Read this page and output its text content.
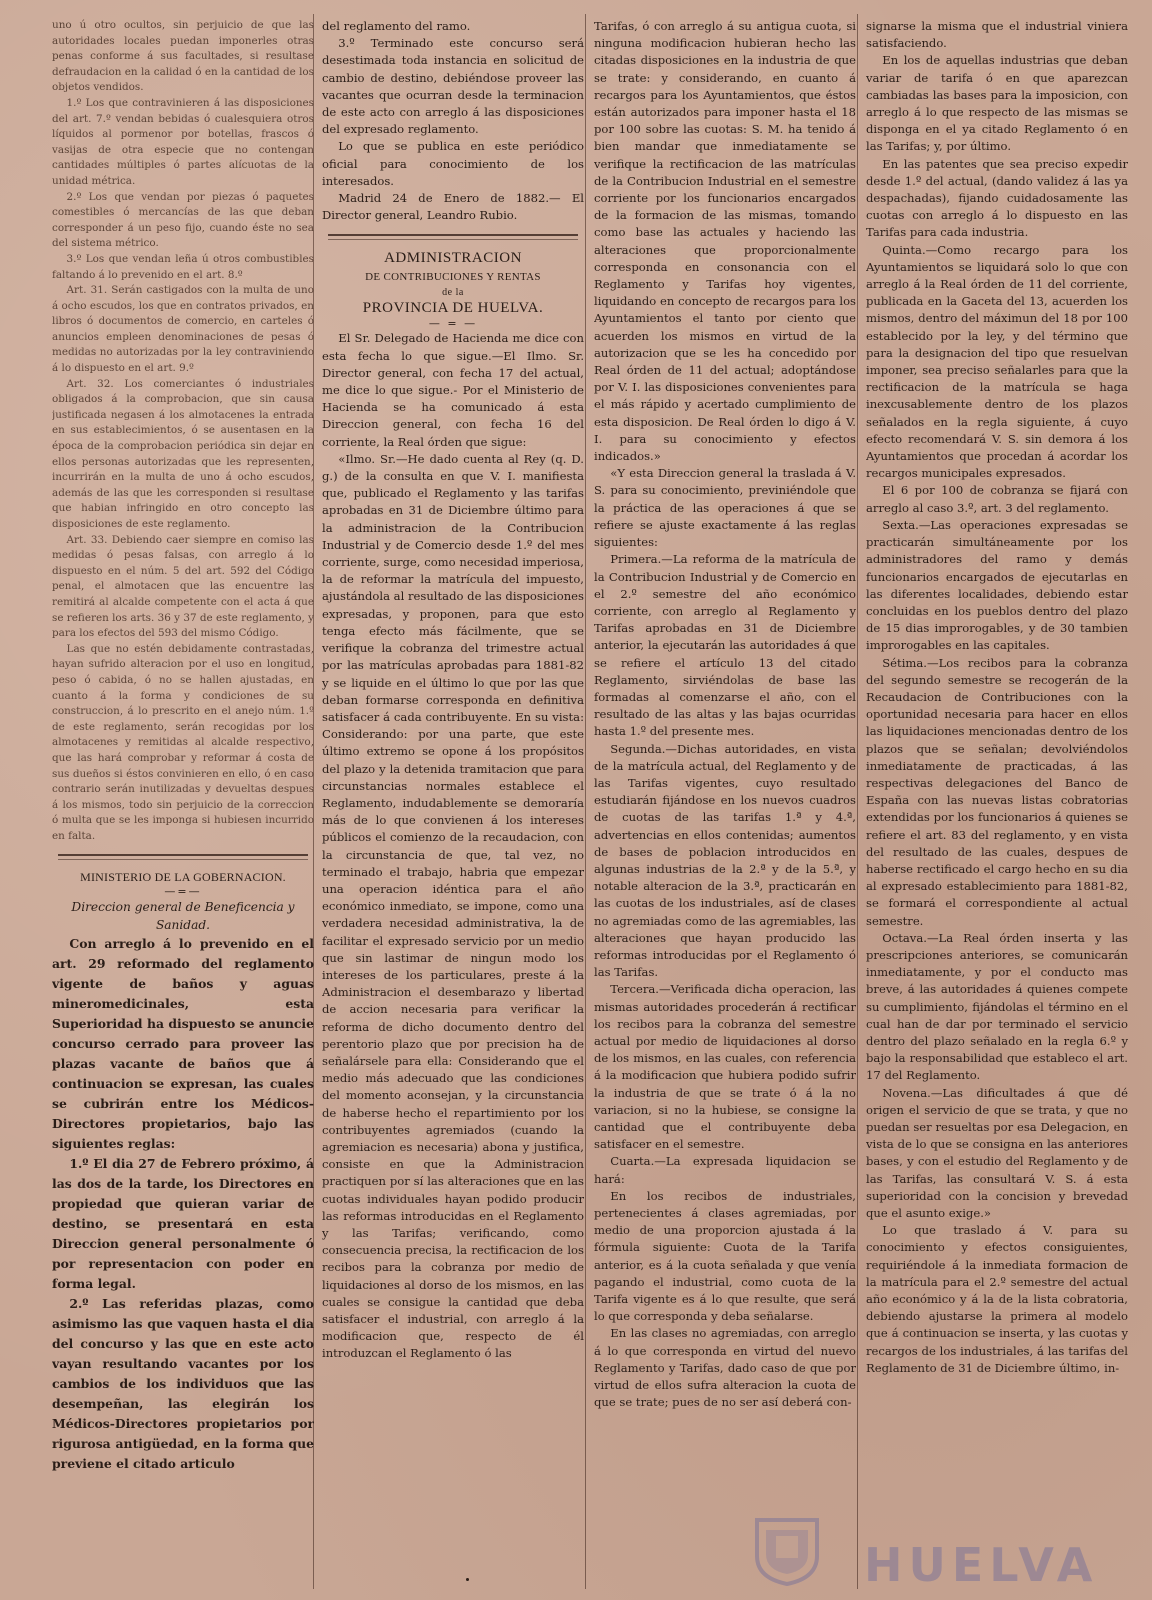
uno ú otro ocultos, sin perjuicio de que las autoridades locales puedan imponerles otras penas conforme á sus facultades, si resultase defraudacion en la calidad ó en la cantidad de los objetos vendidos.

1.º Los que contravinieren á las disposiciones del art. 7.º vendan bebidas ó cualesquiera otros líquidos al pormenor por botellas, frascos ó vasijas de otra especie que no contengan cantidades múltiples ó partes alícuotas de la unidad métrica.

2.º Los que vendan por piezas ó paquetes comestibles ó mercancías de las que deban corresponder á un peso fijo, cuando éste no sea del sistema métrico.

3.º Los que vendan leña ú otros combustibles faltando á lo prevenido en el art. 8.º

Art. 31. Serán castigados con la multa de uno á ocho escudos, los que en contratos privados, en libros ó documentos de comercio, en carteles ó anuncios empleen denominaciones de pesas ó medidas no autorizadas por la ley contraviniendo á lo dispuesto en el art. 9.º

Art. 32. Los comerciantes ó industriales obligados á la comprobacion, que sin causa justificada negasen á los almotacenes la entrada en sus establecimientos, ó se ausentasen en la época de la comprobacion periódica sin dejar en ellos personas autorizadas que les representen, incurrirán en la multa de uno á ocho escudos, además de las que les corresponden si resultase que habian infringido en otro concepto las disposiciones de este reglamento.

Art. 33. Debiendo caer siempre en comiso las medidas ó pesas falsas, con arreglo á lo dispuesto en el núm. 5 del art. 592 del Código penal, el almotacen que las encuentre las remitirá al alcalde competente con el acta á que se refieren los arts. 36 y 37 de este reglamento, y para los efectos del 593 del mismo Código.

Las que no estén debidamente contrastadas, hayan sufrido alteracion por el uso en longitud, peso ó cabida, ó no se hallen ajustadas, en cuanto á la forma y condiciones de su construccion, á lo prescrito en el anejo núm. 1.º de este reglamento, serán recogidas por los almotacenes y remitidas al alcalde respectivo, que las hará comprobar y reformar á costa de sus dueños si éstos convinieren en ello, ó en caso contrario serán inutilizadas y devueltas despues á los mismos, todo sin perjuicio de la correccion ó multa que se les imponga si hubiesen incurrido en falta.

MINISTERIO DE LA GOBERNACION.

—=—

Direccion general de Beneficencia y Sanidad.

Con arreglo á lo prevenido en el art. 29 reformado del reglamento vigente de baños y aguas mineromedicinales, esta Superioridad ha dispuesto se anuncie concurso cerrado para proveer las plazas vacante de baños que á continuacion se expresan, las cuales se cubrirán entre los Médicos-Directores propietarios, bajo las siguientes reglas:

1.º El dia 27 de Febrero próximo, á las dos de la tarde, los Directores en propiedad que quieran variar de destino, se presentará en esta Direccion general personalmente ó por representacion con poder en forma legal.

2.º Las referidas plazas, como asimismo las que vaquen hasta el dia del concurso y las que en este acto vayan resultando vacantes por los cambios de los individuos que las desempeñan, las elegirán los Médicos-Directores propietarios por rigurosa antigüedad, en la forma que previene el citado articulo

del reglamento del ramo.

3.º Terminado este concurso será desestimada toda instancia en solicitud de cambio de destino, debiéndose proveer las vacantes que ocurran desde la terminacion de este acto con arreglo á las disposiciones del expresado reglamento.

Lo que se publica en este periódico oficial para conocimiento de los interesados.

Madrid 24 de Enero de 1882.— El Director general, Leandro Rubio.

ADMINISTRACION

DE CONTRIBUCIONES Y RENTAS

de la

PROVINCIA DE HUELVA.

— = —

El Sr. Delegado de Hacienda me dice con esta fecha lo que sigue.—El Ilmo. Sr. Director general, con fecha 17 del actual, me dice lo que sigue.- Por el Ministerio de Hacienda se ha comunicado á esta Direccion general, con fecha 16 del corriente, la Real órden que sigue:

«Ilmo. Sr.—He dado cuenta al Rey (q. D. g.) de la consulta en que V. I. manifiesta que, publicado el Reglamento y las tarifas aprobadas en 31 de Diciembre último para la administracion de la Contribucion Industrial y de Comercio desde 1.º del mes corriente, surge, como necesidad imperiosa, la de reformar la matrícula del impuesto, ajustándola al resultado de las disposiciones expresadas, y proponen, para que esto tenga efecto más fácilmente, que se verifique la cobranza del trimestre actual por las matrículas aprobadas para 1881-82 y se liquide en el último lo que por las que deban formarse corresponda en definitiva satisfacer á cada contribuyente. En su vista: Considerando: por una parte, que este último extremo se opone á los propósitos del plazo y la detenida tramitacion que para circunstancias normales establece el Reglamento, indudablemente se demoraría más de lo que convienen á los intereses públicos el comienzo de la recaudacion, con la circunstancia de que, tal vez, no terminado el trabajo, habria que empezar una operacion idéntica para el año económico inmediato, se impone, como una verdadera necesidad administrativa, la de facilitar el expresado servicio por un medio que sin lastimar de ningun modo los intereses de los particulares, preste á la Administracion el desembarazo y libertad de accion necesaria para verificar la reforma de dicho documento dentro del perentorio plazo que por precision ha de señalársele para ella: Considerando que el medio más adecuado que las condiciones del momento aconsejan, y la circunstancia de haberse hecho el repartimiento por los contribuyentes agremiados (cuando la agremiacion es necesaria) abona y justifica, consiste en que la Administracion practiquen por sí las alteraciones que en las cuotas individuales hayan podido producir las reformas introducidas en el Reglamento y las Tarifas; verificando, como consecuencia precisa, la rectificacion de los recibos para la cobranza por medio de liquidaciones al dorso de los mismos, en las cuales se consigue la cantidad que deba satisfacer el industrial, con arreglo á la modificacion que, respecto de él introduzcan el Reglamento ó las

Tarifas, ó con arreglo á su antigua cuota, si ninguna modificacion hubieran hecho las citadas disposiciones en la industria de que se trate: y considerando, en cuanto á recargos para los Ayuntamientos, que éstos están autorizados para imponer hasta el 18 por 100 sobre las cuotas: S. M. ha tenido á bien mandar que inmediatamente se verifique la rectificacion de las matrículas de la Contribucion Industrial en el semestre corriente por los funcionarios encargados de la formacion de las mismas, tomando como base las actuales y haciendo las alteraciones que proporcionalmente corresponda en consonancia con el Reglamento y Tarifas hoy vigentes, liquidando en concepto de recargos para los Ayuntamientos el tanto por ciento que acuerden los mismos en virtud de la autorizacion que se les ha concedido por Real órden de 11 del actual; adoptándose por V. I. las disposiciones convenientes para el más rápido y acertado cumplimiento de esta disposicion. De Real órden lo digo á V. I. para su conocimiento y efectos indicados.»

«Y esta Direccion general la traslada á V. S. para su conocimiento, previniéndole que la práctica de las operaciones á que se refiere se ajuste exactamente á las reglas siguientes:

Primera.—La reforma de la matrícula de la Contribucion Industrial y de Comercio en el 2.º semestre del año económico corriente, con arreglo al Reglamento y Tarifas aprobadas en 31 de Diciembre anterior, la ejecutarán las autoridades á que se refiere el artículo 13 del citado Reglamento, sirviéndolas de base las formadas al comenzarse el año, con el resultado de las altas y las bajas ocurridas hasta 1.º del presente mes.

Segunda.—Dichas autoridades, en vista de la matrícula actual, del Reglamento y de las Tarifas vigentes, cuyo resultado estudiarán fijándose en los nuevos cuadros de cuotas de las tarifas 1.ª y 4.ª, advertencias en ellos contenidas; aumentos de bases de poblacion introducidos en algunas industrias de la 2.ª y de la 5.ª, y notable alteracion de la 3.ª, practicarán en las cuotas de los industriales, así de clases no agremiadas como de las agremiables, las alteraciones que hayan producido las reformas introducidas por el Reglamento ó las Tarifas.

Tercera.—Verificada dicha operacion, las mismas autoridades procederán á rectificar los recibos para la cobranza del semestre actual por medio de liquidaciones al dorso de los mismos, en las cuales, con referencia á la modificacion que hubiera podido sufrir la industria de que se trate ó á la no variacion, si no la hubiese, se consigne la cantidad que el contribuyente deba satisfacer en el semestre.

Cuarta.—La expresada liquidacion se hará:

En los recibos de industriales, pertenecientes á clases agremiadas, por medio de una proporcion ajustada á la fórmula siguiente: Cuota de la Tarifa anterior, es á la cuota señalada y que venía pagando el industrial, como cuota de la Tarifa vigente es á lo que resulte, que será lo que corresponda y deba señalarse.

En las clases no agremiadas, con arreglo á lo que corresponda en virtud del nuevo Reglamento y Tarifas, dado caso de que por virtud de ellos sufra alteracion la cuota de que se trate; pues de no ser así deberá con-

signarse la misma que el industrial viniera satisfaciendo.

En los de aquellas industrias que deban variar de tarifa ó en que aparezcan cambiadas las bases para la imposicion, con arreglo á lo que respecto de las mismas se disponga en el ya citado Reglamento ó en las Tarifas; y, por último.

En las patentes que sea preciso expedir desde 1.º del actual, (dando validez á las ya despachadas), fijando cuidadosamente las cuotas con arreglo á lo dispuesto en las Tarifas para cada industria.

Quinta.—Como recargo para los Ayuntamientos se liquidará solo lo que con arreglo á la Real órden de 11 del corriente, publicada en la Gaceta del 13, acuerden los mismos, dentro del máximun del 18 por 100 establecido por la ley, y del término que para la designacion del tipo que resuelvan imponer, sea preciso señalarles para que la rectificacion de la matrícula se haga inexcusablemente dentro de los plazos señalados en la regla siguiente, á cuyo efecto recomendará V. S. sin demora á los Ayuntamientos que procedan á acordar los recargos municipales expresados.

El 6 por 100 de cobranza se fijará con arreglo al caso 3.º, art. 3 del reglamento.

Sexta.—Las operaciones expresadas se practicarán simultáneamente por los administradores del ramo y demás funcionarios encargados de ejecutarlas en las diferentes localidades, debiendo estar concluidas en los pueblos dentro del plazo de 15 dias improrogables, y de 30 tambien improrogables en las capitales.

Sétima.—Los recibos para la cobranza del segundo semestre se recogerán de la Recaudacion de Contribuciones con la oportunidad necesaria para hacer en ellos las liquidaciones mencionadas dentro de los plazos que se señalan; devolviéndolos inmediatamente de practicadas, á las respectivas delegaciones del Banco de España con las nuevas listas cobratorias extendidas por los funcionarios á quienes se refiere el art. 83 del reglamento, y en vista del resultado de las cuales, despues de haberse rectificado el cargo hecho en su dia al expresado establecimiento para 1881-82, se formará el correspondiente al actual semestre.

Octava.—La Real órden inserta y las prescripciones anteriores, se comunicarán inmediatamente, y por el conducto mas breve, á las autoridades á quienes compete su cumplimiento, fijándolas el término en el cual han de dar por terminado el servicio dentro del plazo señalado en la regla 6.º y bajo la responsabilidad que estableco el art. 17 del Reglamento.

Novena.—Las dificultades á que dé origen el servicio de que se trata, y que no puedan ser resueltas por esa Delegacion, en vista de lo que se consigna en las anteriores bases, y con el estudio del Reglamento y de las Tarifas, las consultará V. S. á esta superioridad con la concision y brevedad que el asunto exige.»

Lo que traslado á V. para su conocimiento y efectos consiguientes, requiriéndole á la inmediata formacion de la matrícula para el 2.º semestre del actual año económico y á la de la lista cobratoria, debiendo ajustarse la primera al modelo que á continuacion se inserta, y las cuotas y recargos de los industriales, á las tarifas del Reglamento de 31 de Diciembre último, in-

HUELVA
